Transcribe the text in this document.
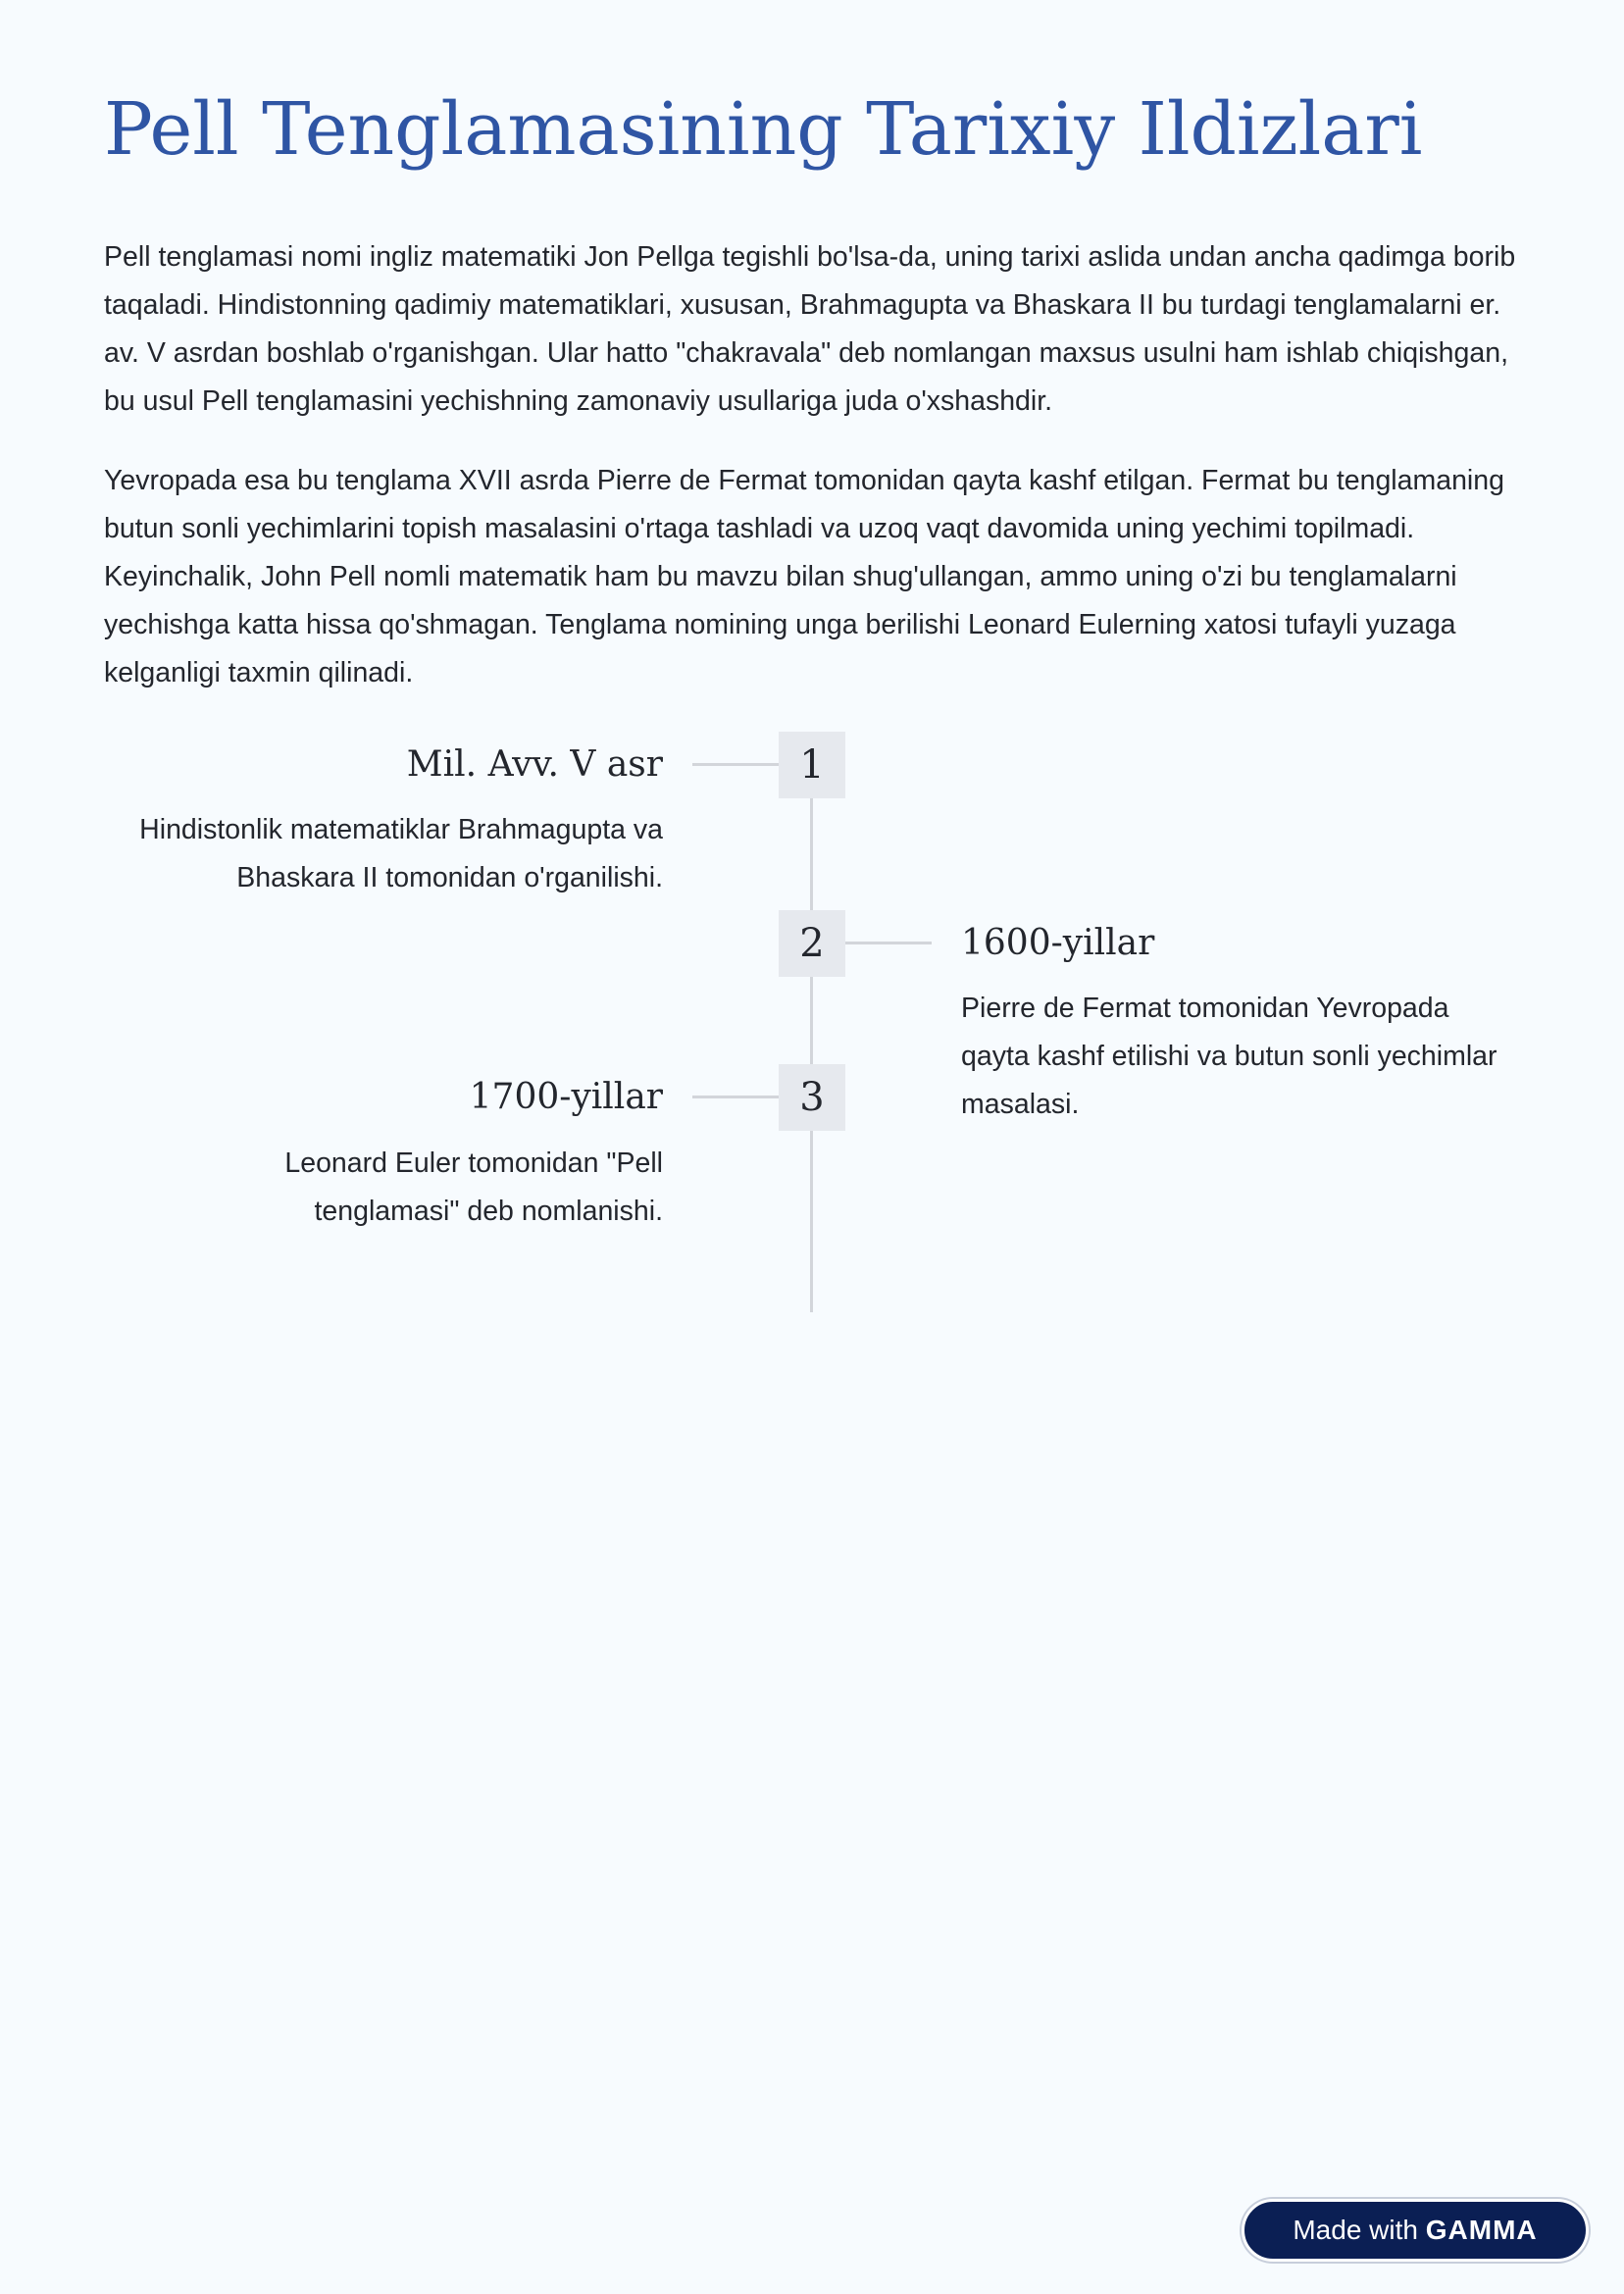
Pell Tenglamasining Tarixiy Ildizlari

Pell tenglamasi nomi ingliz matematiki Jon Pellga tegishli bo'lsa-da, uning tarixi aslida undan ancha qadimga borib taqaladi. Hindistonning qadimiy matematiklari, xususan, Brahmagupta va Bhaskara II bu turdagi tenglamalarni er. av. V asrdan boshlab o'rganishgan. Ular hatto "chakravala" deb nomlangan maxsus usulni ham ishlab chiqishgan, bu usul Pell tenglamasini yechishning zamonaviy usullariga juda o'xshashdir.

Yevropada esa bu tenglama XVII asrda Pierre de Fermat tomonidan qayta kashf etilgan. Fermat bu tenglamaning butun sonli yechimlarini topish masalasini o'rtaga tashladi va uzoq vaqt davomida uning yechimi topilmadi. Keyinchalik, John Pell nomli matematik ham bu mavzu bilan shug'ullangan, ammo uning o'zi bu tenglamalarni yechishga katta hissa qo'shmagan. Tenglama nomining unga berilishi Leonard Eulerning xatosi tufayli yuzaga kelganligi taxmin qilinadi.

1
Mil. Avv. V asr

Hindistonlik matematiklar Brahmagupta va Bhaskara II tomonidan o'rganilishi.

2	1600-yillar

Pierre de Fermat tomonidan Yevropada qayta kashf etilishi va butun sonli yechimlar masalasi.

3
1700-yillar

Leonard Euler tomonidan "Pell tenglamasi" deb nomlanishi.

Made with GAMMA
